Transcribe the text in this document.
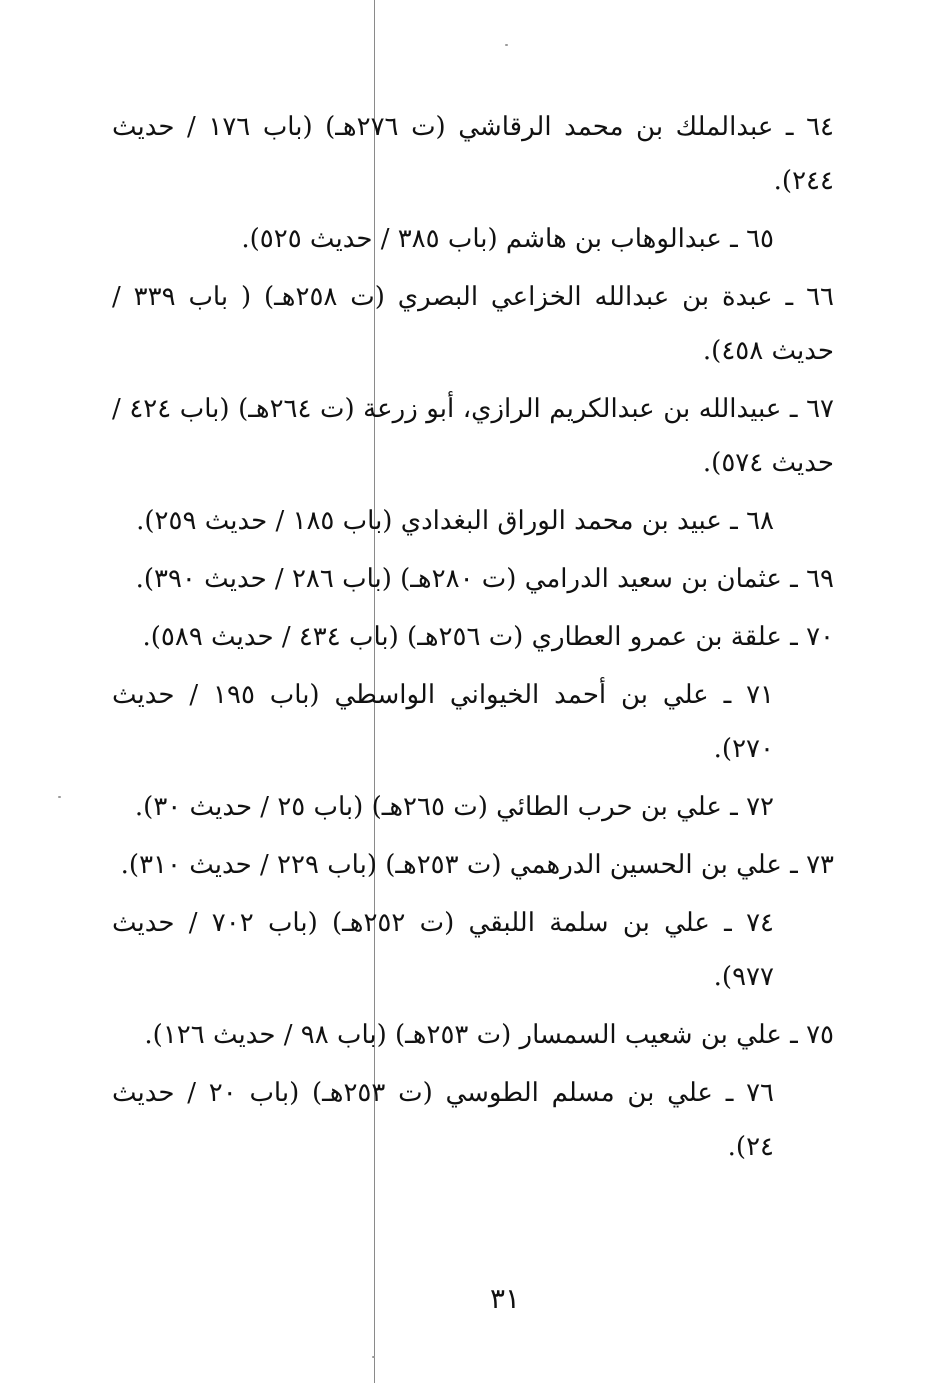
٦٤ ـ عبدالملك بن محمد الرقاشي (ت ٢٧٦هـ) (باب ١٧٦ / حديث ٢٤٤).

٦٥ ـ عبدالوهاب بن هاشم (باب ٣٨٥ / حديث ٥٢٥).

٦٦ ـ عبدة بن عبدالله الخزاعي البصري (ت ٢٥٨هـ) ( باب ٣٣٩ / حديث ٤٥٨).

٦٧ ـ عبيدالله بن عبدالكريم الرازي، أبو زرعة (ت ٢٦٤هـ) (باب ٤٢٤ / حديث ٥٧٤).

٦٨ ـ عبيد بن محمد الوراق البغدادي (باب ١٨٥ / حديث ٢٥٩).

٦٩ ـ عثمان بن سعيد الدرامي (ت ٢٨٠هـ) (باب ٢٨٦ / حديث ٣٩٠).

٧٠ ـ علقة بن عمرو العطاري (ت ٢٥٦هـ) (باب ٤٣٤ / حديث ٥٨٩).

٧١ ـ علي بن أحمد الخيواني الواسطي (باب ١٩٥ / حديث ٢٧٠).

٧٢ ـ علي بن حرب الطائي (ت ٢٦٥هـ) (باب ٢٥ / حديث ٣٠).

٧٣ ـ علي بن الحسين الدرهمي (ت ٢٥٣هـ) (باب ٢٢٩ / حديث ٣١٠).

٧٤ ـ علي بن سلمة اللبقي (ت ٢٥٢هـ) (باب ٧٠٢ / حديث ٩٧٧).

٧٥ ـ علي بن شعيب السمسار (ت ٢٥٣هـ) (باب ٩٨ / حديث ١٢٦).

٧٦ ـ علي بن مسلم الطوسي (ت ٢٥٣هـ) (باب ٢٠ / حديث ٢٤).

٣١
